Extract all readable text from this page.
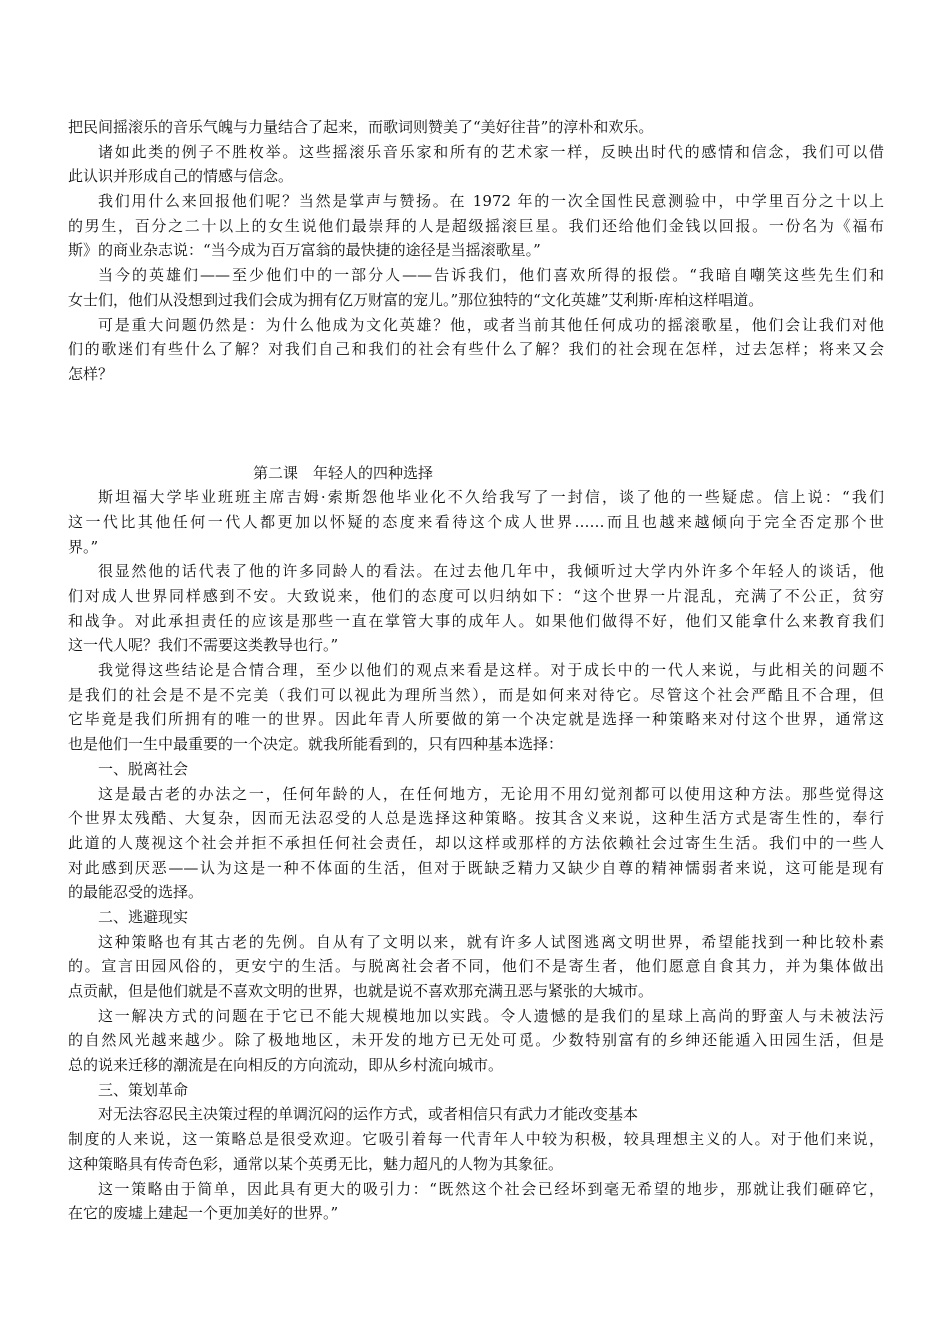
把民间摇滚乐的音乐气魄与力量结合了起来，而歌词则赞美了“美好往昔”的淳朴和欢乐。
诸如此类的例子不胜枚举。这些摇滚乐音乐家和所有的艺术家一样，反映出时代的感情和信念，我们可以借
此认识并形成自己的情感与信念。
我们用什么来回报他们呢？当然是掌声与赞扬。在 1972 年的一次全国性民意测验中，中学里百分之十以上
的男生，百分之二十以上的女生说他们最崇拜的人是超级摇滚巨星。我们还给他们金钱以回报。一份名为《福布
斯》的商业杂志说：“当今成为百万富翁的最快捷的途径是当摇滚歌星。”
当今的英雄们——至少他们中的一部分人——告诉我们，他们喜欢所得的报偿。“我暗自嘲笑这些先生们和
女士们，他们从没想到过我们会成为拥有亿万财富的宠儿。”那位独特的“文化英雄”艾利斯·库柏这样唱道。
可是重大问题仍然是：为什么他成为文化英雄？他，或者当前其他任何成功的摇滚歌星，他们会让我们对他
们的歌迷们有些什么了解？对我们自己和我们的社会有些什么了解？我们的社会现在怎样，过去怎样；将来又会
怎样？
第二课　年轻人的四种选择
斯坦福大学毕业班班主席吉姆·索斯怨他毕业化不久给我写了一封信，谈了他的一些疑虑。信上说：“我们
这一代比其他任何一代人都更加以怀疑的态度来看待这个成人世界……而且也越来越倾向于完全否定那个世
界。”
很显然他的话代表了他的许多同龄人的看法。在过去他几年中，我倾听过大学内外许多个年轻人的谈话，他
们对成人世界同样感到不安。大致说来，他们的态度可以归纳如下：“这个世界一片混乱，充满了不公正，贫穷
和战争。对此承担责任的应该是那些一直在掌管大事的成年人。如果他们做得不好，他们又能拿什么来教育我们
这一代人呢？我们不需要这类教导也行。”
我觉得这些结论是合情合理，至少以他们的观点来看是这样。对于成长中的一代人来说，与此相关的问题不
是我们的社会是不是不完美（我们可以视此为理所当然），而是如何来对待它。尽管这个社会严酷且不合理，但
它毕竟是我们所拥有的唯一的世界。因此年青人所要做的第一个决定就是选择一种策略来对付这个世界，通常这
也是他们一生中最重要的一个决定。就我所能看到的，只有四种基本选择：
一、脱离社会
这是最古老的办法之一，任何年龄的人，在任何地方，无论用不用幻觉剂都可以使用这种方法。那些觉得这
个世界太残酷、大复杂，因而无法忍受的人总是选择这种策略。按其含义来说，这种生活方式是寄生性的，奉行
此道的人蔑视这个社会并拒不承担任何社会责任，却以这样或那样的方法依赖社会过寄生生活。我们中的一些人
对此感到厌恶——认为这是一种不体面的生活，但对于既缺乏精力又缺少自尊的精神懦弱者来说，这可能是现有
的最能忍受的选择。
二、逃避现实
这种策略也有其古老的先例。自从有了文明以来，就有许多人试图逃离文明世界，希望能找到一种比较朴素
的。宣言田园风俗的，更安宁的生活。与脱离社会者不同，他们不是寄生者，他们愿意自食其力，并为集体做出
点贡献，但是他们就是不喜欢文明的世界，也就是说不喜欢那充满丑恶与紧张的大城市。
这一解决方式的问题在于它已不能大规模地加以实践。令人遗憾的是我们的星球上高尚的野蛮人与未被法污
的自然风光越来越少。除了极地地区，未开发的地方已无处可觅。少数特别富有的乡绅还能遁入田园生活，但是
总的说来迁移的潮流是在向相反的方向流动，即从乡村流向城市。
三、策划革命
对无法容忍民主决策过程的单调沉闷的运作方式，或者相信只有武力才能改变基本
制度的人来说，这一策略总是很受欢迎。它吸引着每一代青年人中较为积极，较具理想主义的人。对于他们来说，
这种策略具有传奇色彩，通常以某个英勇无比，魅力超凡的人物为其象征。
这一策略由于简单，因此具有更大的吸引力：“既然这个社会已经坏到毫无希望的地步，那就让我们砸碎它，
在它的废墟上建起一个更加美好的世界。”
